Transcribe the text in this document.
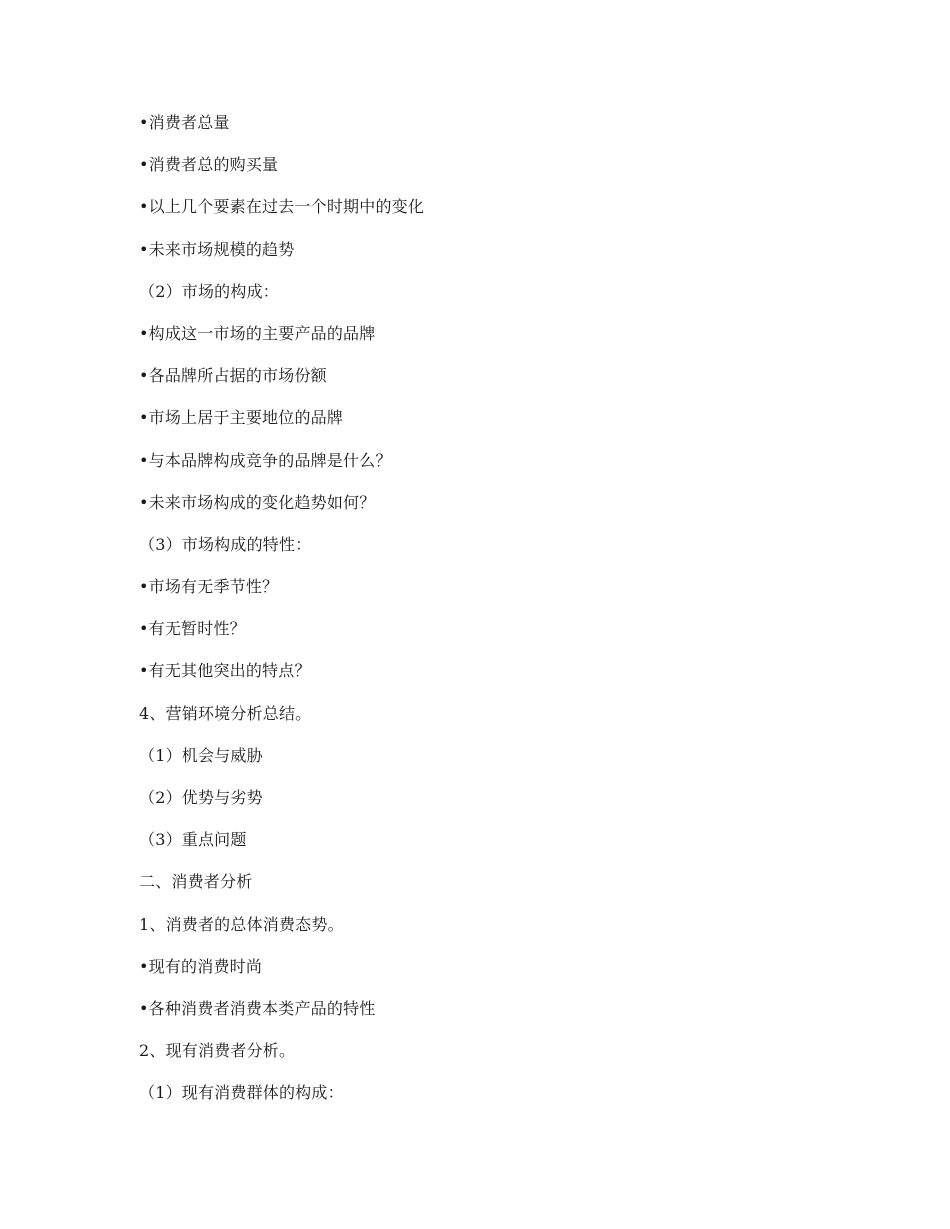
•消费者总量
•消费者总的购买量
•以上几个要素在过去一个时期中的变化
•未来市场规模的趋势
（2）市场的构成：
•构成这一市场的主要产品的品牌
•各品牌所占据的市场份额
•市场上居于主要地位的品牌
•与本品牌构成竞争的品牌是什么？
•未来市场构成的变化趋势如何？
（3）市场构成的特性：
•市场有无季节性？
•有无暂时性？
•有无其他突出的特点？
4、营销环境分析总结。
（1）机会与威胁
（2）优势与劣势
（3）重点问题
二、消费者分析
1、消费者的总体消费态势。
•现有的消费时尚
•各种消费者消费本类产品的特性
2、现有消费者分析。
（1）现有消费群体的构成：
